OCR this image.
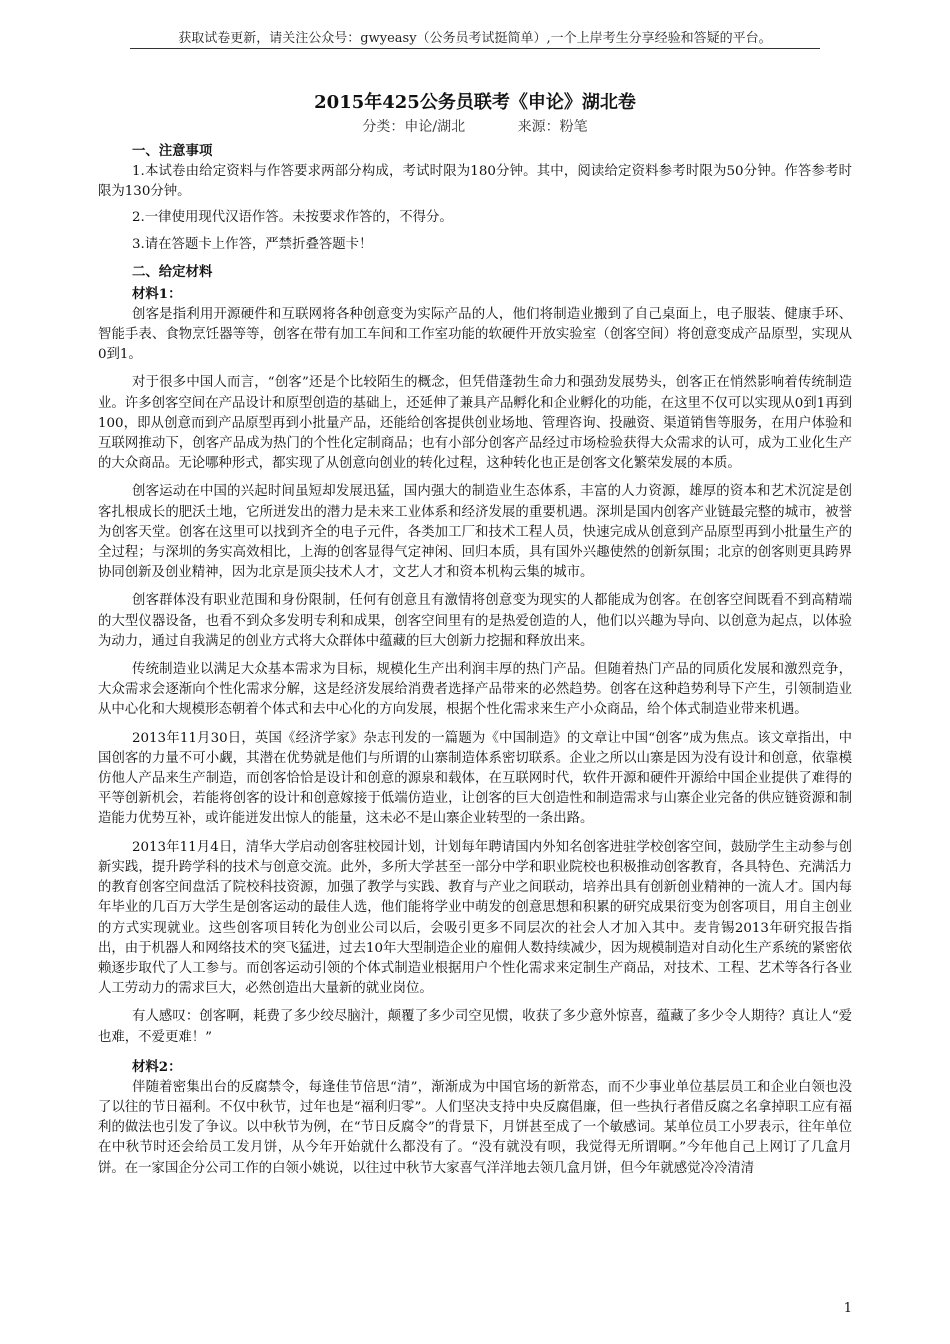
获取试卷更新，请关注公众号：gwyeasy（公务员考试挺简单）,一个上岸考生分享经验和答疑的平台。
2015年425公务员联考《申论》湖北卷
分类：申论/湖北	来源：粉笔
一、注意事项

1.本试卷由给定资料与作答要求两部分构成，考试时限为180分钟。其中，阅读给定资料参考时限为50分钟。作答参考时限为130分钟。

2.一律使用现代汉语作答。未按要求作答的，不得分。

3.请在答题卡上作答，严禁折叠答题卡！

二、给定材料
材料1：

创客是指利用开源硬件和互联网将各种创意变为实际产品的人，他们将制造业搬到了自己桌面上，电子服装、健康手环、智能手表、食物烹饪器等等，创客在带有加工车间和工作室功能的软硬件开放实验室（创客空间）将创意变成产品原型，实现从0到1。

对于很多中国人而言，“创客”还是个比较陌生的概念，但凭借蓬勃生命力和强劲发展势头，创客正在悄然影响着传统制造业。许多创客空间在产品设计和原型创造的基础上，还延伸了兼具产品孵化和企业孵化的功能，在这里不仅可以实现从0到1再到100，即从创意而到产品原型再到小批量产品，还能给创客提供创业场地、管理咨询、投融资、渠道销售等服务，在用户体验和互联网推动下，创客产品成为热门的个性化定制商品；也有小部分创客产品经过市场检验获得大众需求的认可，成为工业化生产的大众商品。无论哪种形式，都实现了从创意向创业的转化过程，这种转化也正是创客文化繁荣发展的本质。

创客运动在中国的兴起时间虽短却发展迅猛，国内强大的制造业生态体系，丰富的人力资源，雄厚的资本和艺术沉淀是创客扎根成长的肥沃土地，它所迸发出的潜力是未来工业体系和经济发展的重要机遇。深圳是国内创客产业链最完整的城市，被誉为创客天堂。创客在这里可以找到齐全的电子元件，各类加工厂和技术工程人员，快速完成从创意到产品原型再到小批量生产的全过程；与深圳的务实高效相比，上海的创客显得气定神闲、回归本质，具有国外兴趣使然的创新氛围；北京的创客则更具跨界协同创新及创业精神，因为北京是顶尖技术人才，文艺人才和资本机构云集的城市。

创客群体没有职业范围和身份限制，任何有创意且有激情将创意变为现实的人都能成为创客。在创客空间既看不到高精端的大型仪器设备，也看不到众多发明专利和成果，创客空间里有的是热爱创造的人，他们以兴趣为导向、以创意为起点，以体验为动力，通过自我满足的创业方式将大众群体中蕴藏的巨大创新力挖掘和释放出来。

传统制造业以满足大众基本需求为目标，规模化生产出利润丰厚的热门产品。但随着热门产品的同质化发展和激烈竞争，大众需求会逐渐向个性化需求分解，这是经济发展给消费者选择产品带来的必然趋势。创客在这种趋势利导下产生，引领制造业从中心化和大规模形态朝着个体式和去中心化的方向发展，根据个性化需求来生产小众商品，给个体式制造业带来机遇。

2013年11月30日，英国《经济学家》杂志刊发的一篇题为《中国制造》的文章让中国“创客”成为焦点。该文章指出，中国创客的力量不可小觑，其潜在优势就是他们与所谓的山寨制造体系密切联系。企业之所以山寨是因为没有设计和创意，依靠模仿他人产品来生产制造，而创客恰恰是设计和创意的源泉和载体，在互联网时代，软件开源和硬件开源给中国企业提供了难得的平等创新机会，若能将创客的设计和创意嫁接于低端仿造业，让创客的巨大创造性和制造需求与山寨企业完备的供应链资源和制造能力优势互补，或许能迸发出惊人的能量，这未必不是山寨企业转型的一条出路。

2013年11月4日，清华大学启动创客驻校园计划，计划每年聘请国内外知名创客进驻学校创客空间，鼓励学生主动参与创新实践，提升跨学科的技术与创意交流。此外，多所大学甚至一部分中学和职业院校也积极推动创客教育，各具特色、充满活力的教育创客空间盘活了院校科技资源，加强了教学与实践、教育与产业之间联动，培养出具有创新创业精神的一流人才。国内每年毕业的几百万大学生是创客运动的最佳人选，他们能将学业中萌发的创意思想和积累的研究成果衍变为创客项目，用自主创业的方式实现就业。这些创客项目转化为创业公司以后，会吸引更多不同层次的社会人才加入其中。麦肯锡2013年研究报告指出，由于机器人和网络技术的突飞猛进，过去10年大型制造企业的雇佣人数持续减少，因为规模制造对自动化生产系统的紧密依赖逐步取代了人工参与。而创客运动引领的个体式制造业根据用户个性化需求来定制生产商品，对技术、工程、艺术等各行各业人工劳动力的需求巨大，必然创造出大量新的就业岗位。

有人感叹：创客啊，耗费了多少绞尽脑汁，颠覆了多少司空见惯，收获了多少意外惊喜，蕴藏了多少令人期待？真让人“爱也难，不爱更难！”

材料2：

伴随着密集出台的反腐禁令，每逢佳节倍思“清”，渐渐成为中国官场的新常态，而不少事业单位基层员工和企业白领也没了以往的节日福利。不仅中秋节，过年也是“福利归零”。人们坚决支持中央反腐倡廉，但一些执行者借反腐之名拿掉职工应有福利的做法也引发了争议。以中秋节为例，在“节日反腐令”的背景下，月饼甚至成了一个敏感词。某单位员工小罗表示，往年单位在中秋节时还会给员工发月饼，从今年开始就什么都没有了。“没有就没有呗，我觉得无所谓啊。”今年他自己上网订了几盒月饼。在一家国企分公司工作的白领小姚说，以往过中秋节大家喜气洋洋地去领几盒月饼，但今年就感觉冷冷清清

1
